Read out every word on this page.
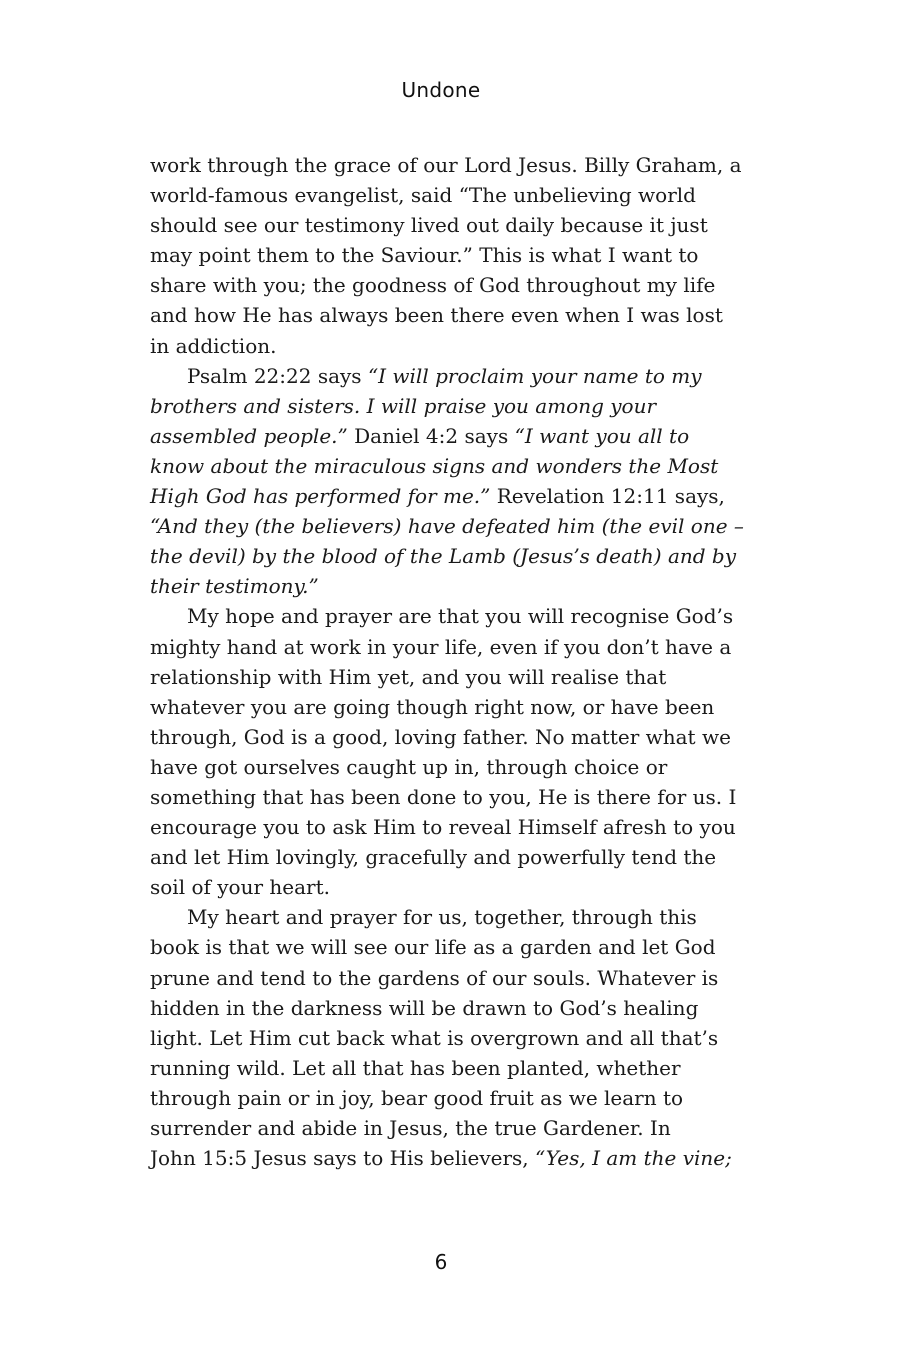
Undone
work through the grace of our Lord Jesus. Billy Graham, a
world-famous evangelist, said “The unbelieving world
should see our testimony lived out daily because it just
may point them to the Saviour.” This is what I want to
share with you; the goodness of God throughout my life
and how He has always been there even when I was lost
in addiction.
Psalm 22:22 says “I will proclaim your name to my
brothers and sisters. I will praise you among your
assembled people.” Daniel 4:2 says “I want you all to
know about the miraculous signs and wonders the Most
High God has performed for me.” Revelation 12:11 says,
“And they (the believers) have defeated him (the evil one –
the devil) by the blood of the Lamb (Jesus’s death) and by
their testimony.”
My hope and prayer are that you will recognise God’s
mighty hand at work in your life, even if you don’t have a
relationship with Him yet, and you will realise that
whatever you are going though right now, or have been
through, God is a good, loving father. No matter what we
have got ourselves caught up in, through choice or
something that has been done to you, He is there for us. I
encourage you to ask Him to reveal Himself afresh to you
and let Him lovingly, gracefully and powerfully tend the
soil of your heart.
My heart and prayer for us, together, through this
book is that we will see our life as a garden and let God
prune and tend to the gardens of our souls. Whatever is
hidden in the darkness will be drawn to God’s healing
light. Let Him cut back what is overgrown and all that’s
running wild. Let all that has been planted, whether
through pain or in joy, bear good fruit as we learn to
surrender and abide in Jesus, the true Gardener. In
John 15:5 Jesus says to His believers, “Yes, I am the vine;
6
